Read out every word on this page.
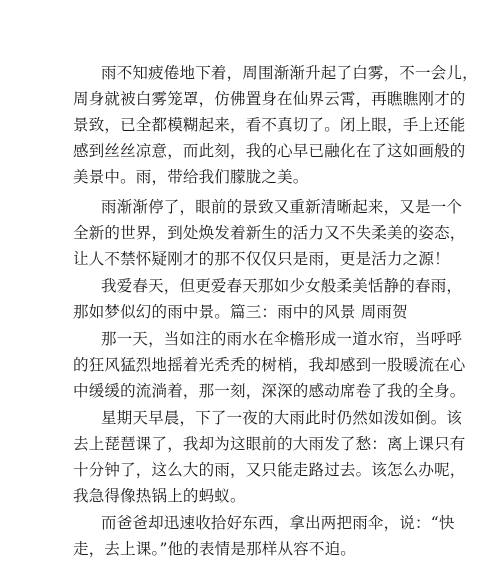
雨不知疲倦地下着，周围渐渐升起了白雾，不一会儿，
周身就被白雾笼罩，仿佛置身在仙界云霄，再瞧瞧刚才的
景致，已全都模糊起来，看不真切了。闭上眼，手上还能
感到丝丝凉意，而此刻，我的心早已融化在了这如画般的
美景中。雨，带给我们朦胧之美。
雨渐渐停了，眼前的景致又重新清晰起来，又是一个
全新的世界，到处焕发着新生的活力又不失柔美的姿态，
让人不禁怀疑刚才的那不仅仅只是雨，更是活力之源！
我爱春天，但更爱春天那如少女般柔美恬静的春雨，
那如梦似幻的雨中景。篇三：雨中的风景 周雨贺
那一天，当如注的雨水在伞檐形成一道水帘，当呼呼
的狂风猛烈地摇着光秃秃的树梢，我却感到一股暖流在心
中缓缓的流淌着，那一刻，深深的感动席卷了我的全身。
星期天早晨，下了一夜的大雨此时仍然如泼如倒。该
去上琵琶课了，我却为这眼前的大雨发了愁：离上课只有
十分钟了，这么大的雨，又只能走路过去。该怎么办呢，
我急得像热锅上的蚂蚁。
而爸爸却迅速收拾好东西，拿出两把雨伞，说：“快
走，去上课。”他的表情是那样从容不迫。
